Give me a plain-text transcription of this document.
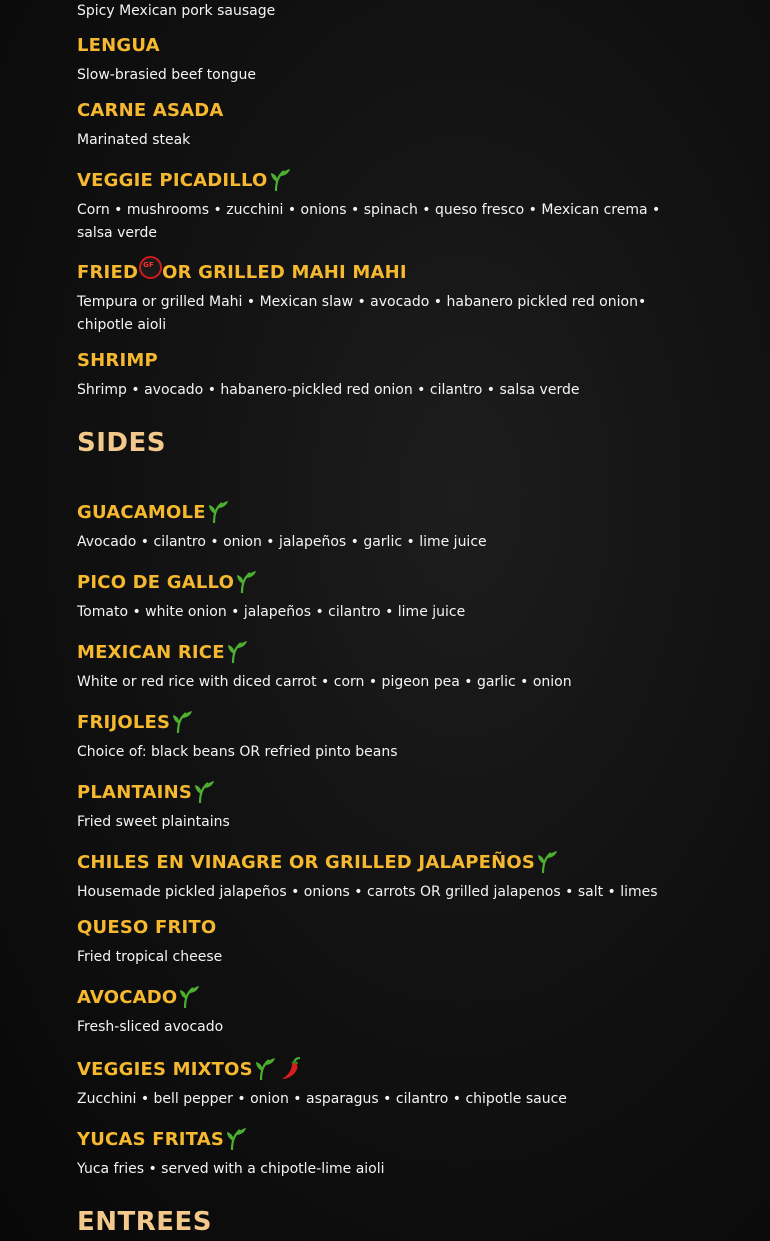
Spicy Mexican pork sausage
LENGUA
Slow-brasied beef tongue
CARNE ASADA
Marinated steak
VEGGIE PICADILLO
Corn • mushrooms • zucchini • onions • spinach • queso fresco • Mexican crema • salsa verde
FRIED
GF OR GRILLED MAHI MAHI
Tempura or grilled Mahi • Mexican slaw • avocado • habanero pickled red onion• chipotle aioli
SHRIMP
Shrimp • avocado • habanero-pickled red onion • cilantro • salsa verde
SIDES
GUACAMOLE
Avocado • cilantro • onion • jalapeños • garlic • lime juice
PICO DE GALLO
Tomato • white onion • jalapeños • cilantro • lime juice
MEXICAN RICE
White or red rice with diced carrot • corn • pigeon pea • garlic • onion
FRIJOLES
Choice of: black beans OR refried pinto beans
PLANTAINS
Fried sweet plaintains
CHILES EN VINAGRE OR GRILLED JALAPEÑOS
Housemade pickled jalapeños • onions • carrots OR grilled jalapenos • salt • limes
QUESO FRITO
Fried tropical cheese
AVOCADO
Fresh-sliced avocado
VEGGIES MIXTOS
Zucchini • bell pepper • onion • asparagus • cilantro • chipotle sauce
YUCAS FRITAS
Yuca fries • served with a chipotle-lime aioli
ENTREES
